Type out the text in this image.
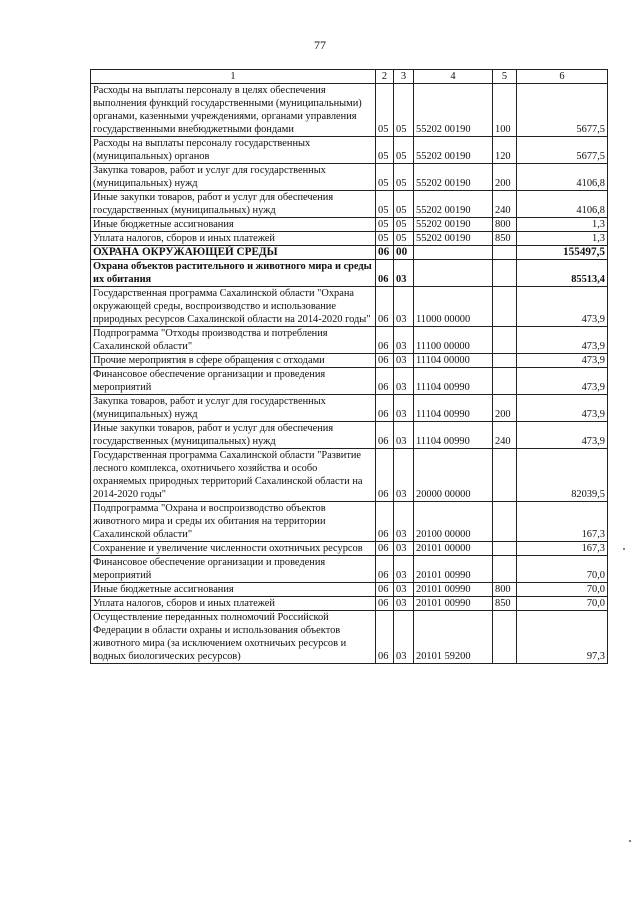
77
1	2	3	4	5	6
Расходы на выплаты персоналу в целях обеспечения выполнения функций государственными (муниципальными) органами, казенными учреждениями, органами управления государственными внебюджетными фондами	05	05	55202 00190	100	5677,5
Расходы на выплаты персоналу государственных (муниципальных) органов	05	05	55202 00190	120	5677,5
Закупка товаров, работ и услуг для государственных (муниципальных) нужд	05	05	55202 00190	200	4106,8
Иные закупки товаров, работ и услуг для обеспечения государственных (муниципальных) нужд	05	05	55202 00190	240	4106,8
Иные бюджетные ассигнования	05	05	55202 00190	800	1,3
Уплата налогов, сборов и иных платежей	05	05	55202 00190	850	1,3
ОХРАНА ОКРУЖАЮЩЕЙ СРЕДЫ	06	00			155497,5
Охрана объектов растительного и животного мира и среды их обитания	06	03			85513,4
Государственная программа Сахалинской области "Охрана окружающей среды, воспроизводство и использование природных ресурсов Сахалинской области на 2014-2020 годы"	06	03	11000 00000		473,9
Подпрограмма "Отходы производства и потребления Сахалинской области"	06	03	11100 00000		473,9
Прочие мероприятия в сфере обращения с отходами	06	03	11104 00000		473,9
Финансовое обеспечение организации и проведения мероприятий	06	03	11104 00990		473,9
Закупка товаров, работ и услуг для государственных (муниципальных) нужд	06	03	11104 00990	200	473,9
Иные закупки товаров, работ и услуг для обеспечения государственных (муниципальных) нужд	06	03	11104 00990	240	473,9
Государственная программа Сахалинской области "Развитие лесного комплекса, охотничьего хозяйства и особо охраняемых природных территорий Сахалинской области на 2014-2020 годы"	06	03	20000 00000		82039,5
Подпрограмма "Охрана и воспроизводство объектов животного мира и среды их обитания на территории Сахалинской области"	06	03	20100 00000		167,3
Сохранение и увеличение численности охотничьих ресурсов	06	03	20101 00000		167,3
Финансовое обеспечение организации и проведения мероприятий	06	03	20101 00990		70,0
Иные бюджетные ассигнования	06	03	20101 00990	800	70,0
Уплата налогов, сборов и иных платежей	06	03	20101 00990	850	70,0
Осуществление переданных полномочий Российской Федерации в области охраны и использования объектов животного мира (за исключением охотничьих ресурсов и водных биологических ресурсов)	06	03	20101 59200		97,3
